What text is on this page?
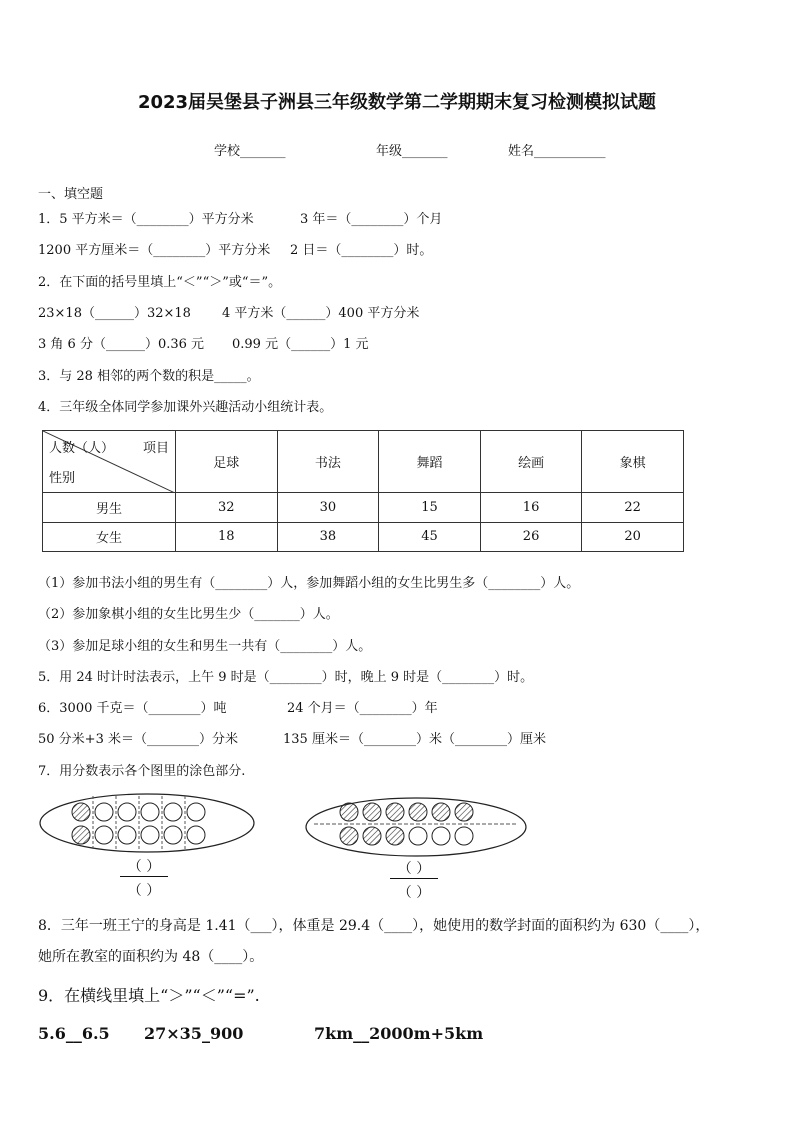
2023届吴堡县子洲县三年级数学第二学期期末复习检测模拟试题
学校_______	年级_______	姓名___________
一、填空题
1．5 平方米＝（________）平方分米	3 年＝（________）个月
1200 平方厘米＝（________）平方分米 2 日＝（________）时。
2．在下面的括号里填上“＜”“＞”或“＝”。
23×18（______）32×18 4 平方米（______）400 平方分米
3 角 6 分（______）0.36 元 0.99 元（______）1 元
3．与 28 相邻的两个数的积是_____。
4．三年级全体同学参加课外兴趣活动小组统计表。
人数（人） 项目
性别	足球	书法	舞蹈	绘画	象棋
男生	32	30	15	16	22
女生	18	38	45	26	20
（1）参加书法小组的男生有（________）人，参加舞蹈小组的女生比男生多（________）人。
（2）参加象棋小组的女生比男生少（_______）人。
（3）参加足球小组的女生和男生一共有（________）人。
5．用 24 时计时法表示，上午 9 时是（________）时，晚上 9 时是（________）时。
6．3000 千克＝（________）吨	24 个月＝（________）年
50 分米+3 米＝（________）分米	135 厘米＝（________）米（________）厘米
7．用分数表示各个图里的涂色部分.
（ ）
（ ）
（ ）
（ ）
8．三年一班王宁的身高是 1.41（___），体重是 29.4（____），她使用的数学封面的面积约为 630（____），
她所在教室的面积约为 48（____）。
9．在横线里填上“＞”“＜”“=”.
5.6__6.5 27×35_900	7km__2000m+5km
